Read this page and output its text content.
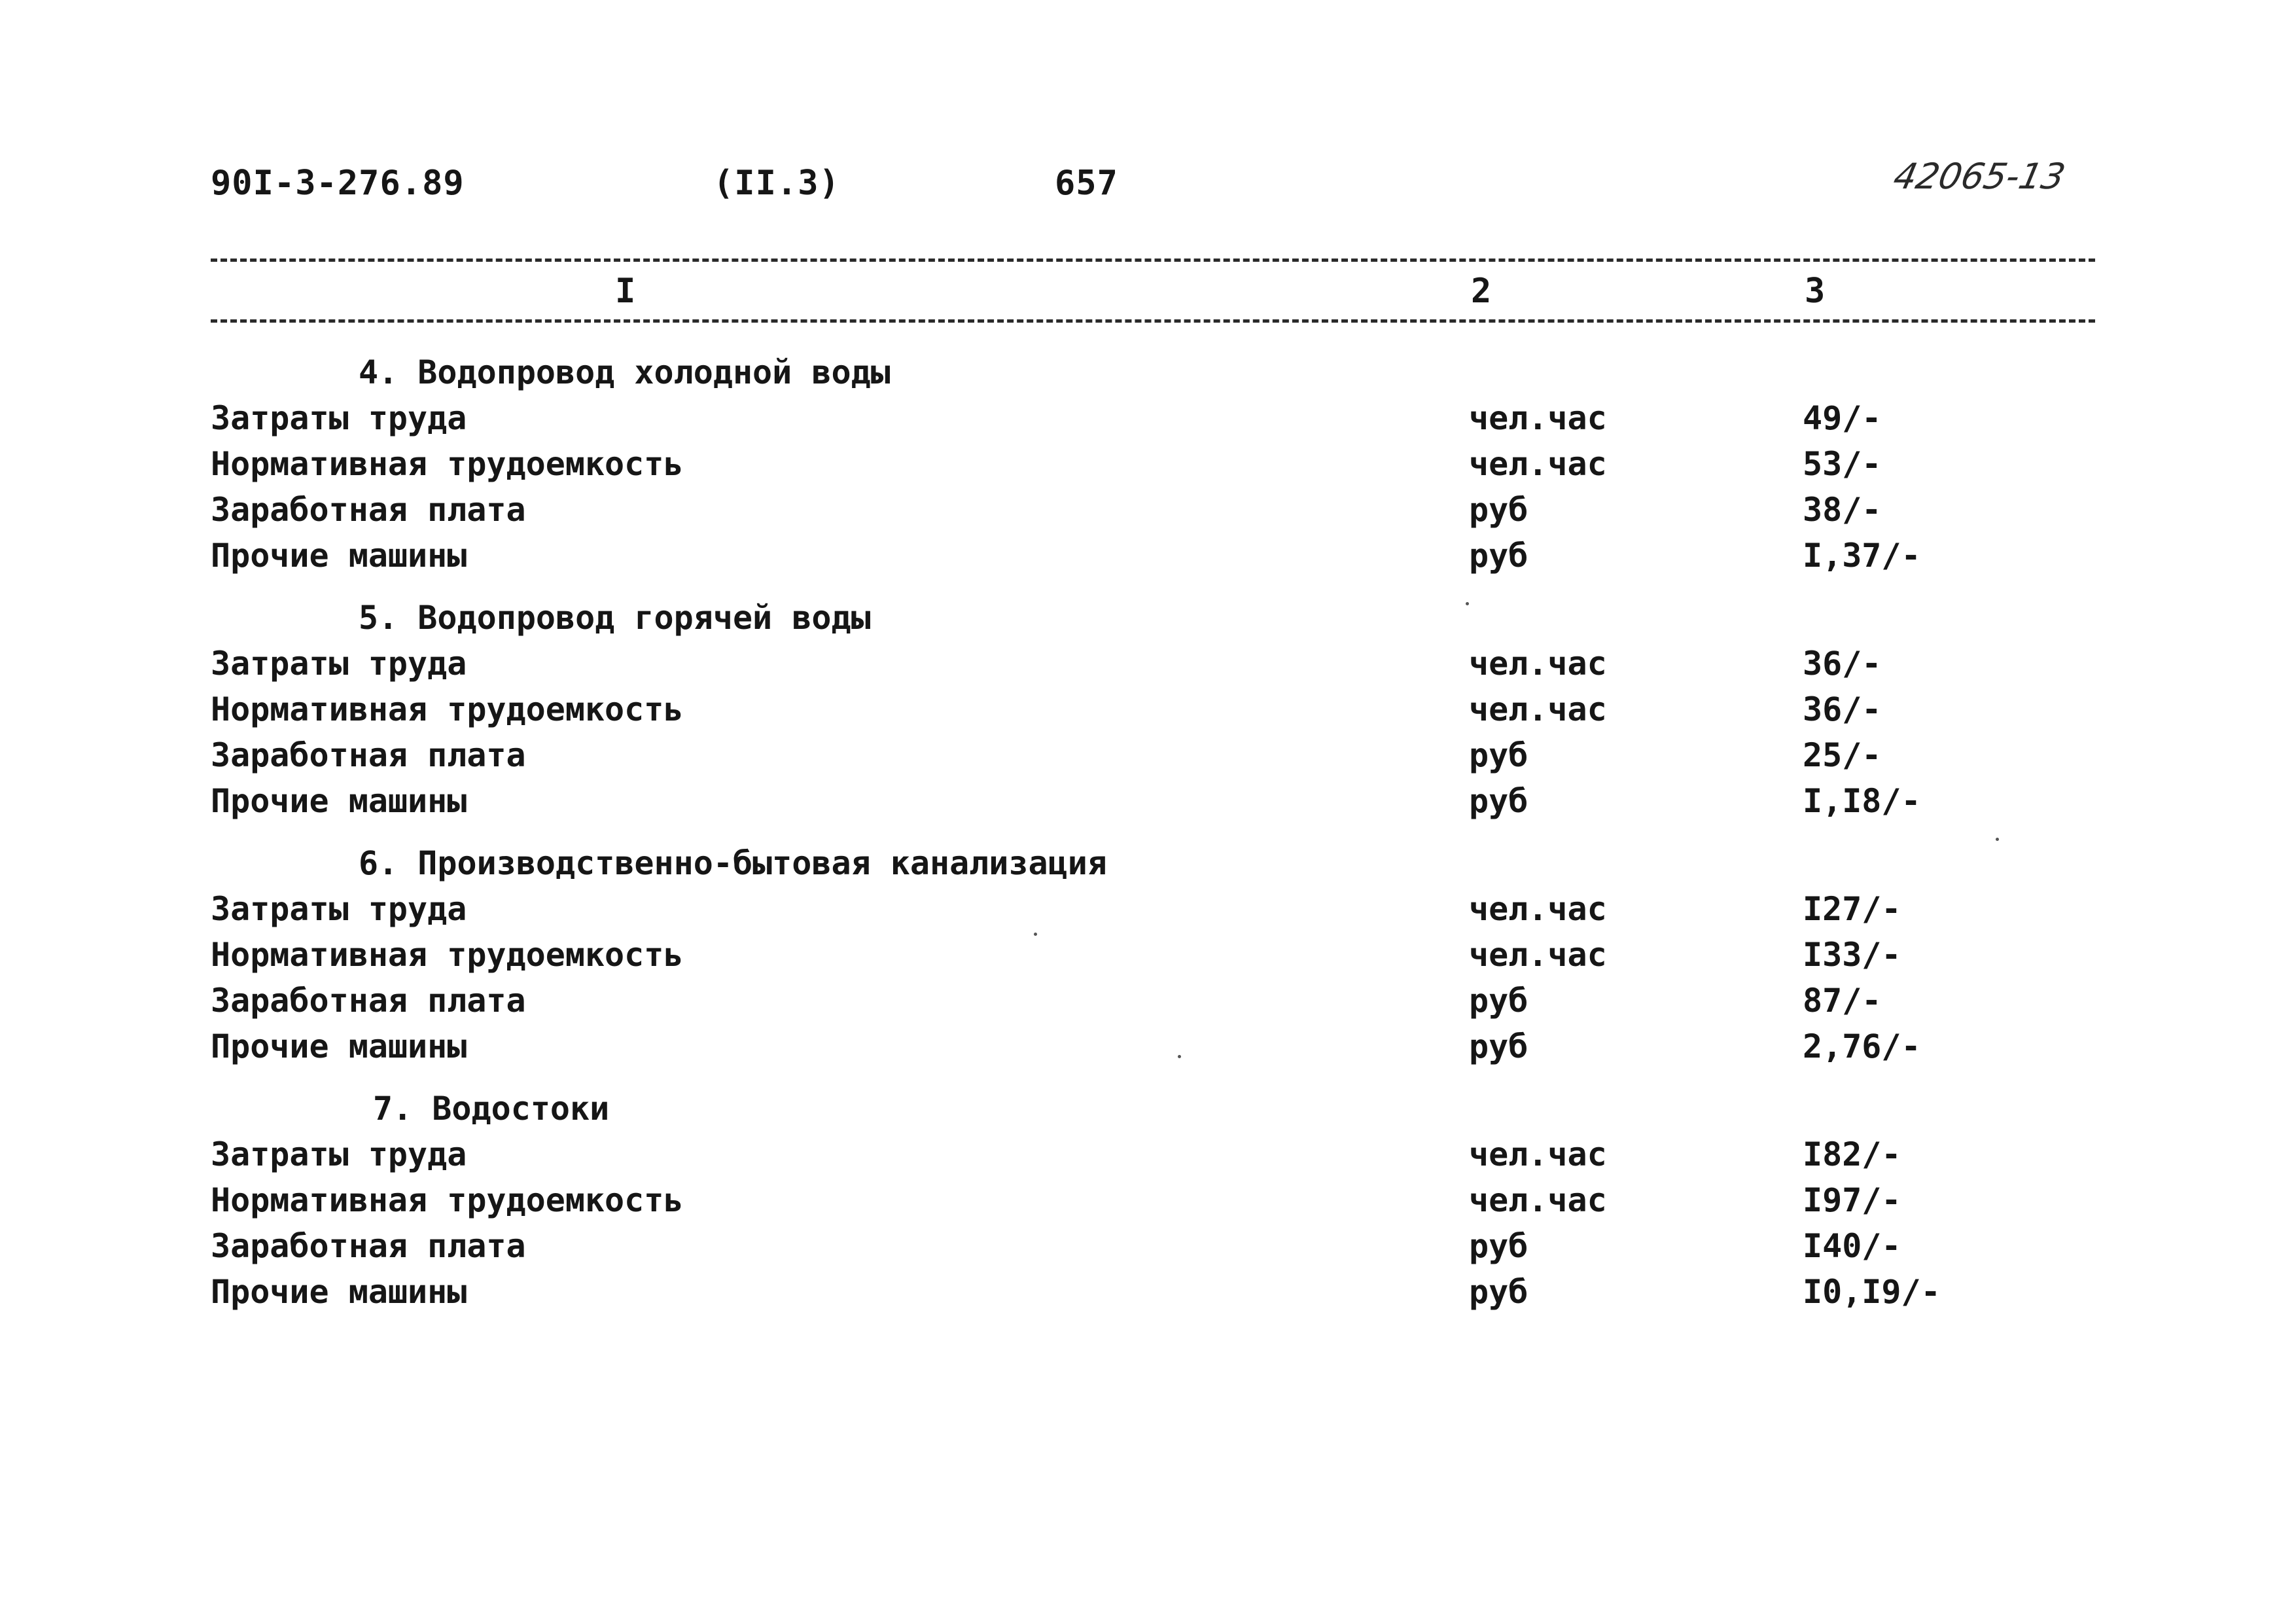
90I-3-276.89	(II.3)	657	42065-13
I	2	3
4. Водопровод холодной воды
Затраты труда	чел.час	49/-
Нормативная трудоемкость	чел.час	53/-
Заработная плата	руб	38/-
Прочие машины	руб	I,37/-
5. Водопровод горячей воды
Затраты труда	чел.час	36/-
Нормативная трудоемкость	чел.час	36/-
Заработная плата	руб	25/-
Прочие машины	руб	I,I8/-
6. Производственно-бытовая канализация
Затраты труда	чел.час	I27/-
Нормативная трудоемкость	чел.час	I33/-
Заработная плата	руб	87/-
Прочие машины	руб	2,76/-
7. Водостоки
Затраты труда	чел.час	I82/-
Нормативная трудоемкость	чел.час	I97/-
Заработная плата	руб	I40/-
Прочие машины	руб	I0,I9/-
